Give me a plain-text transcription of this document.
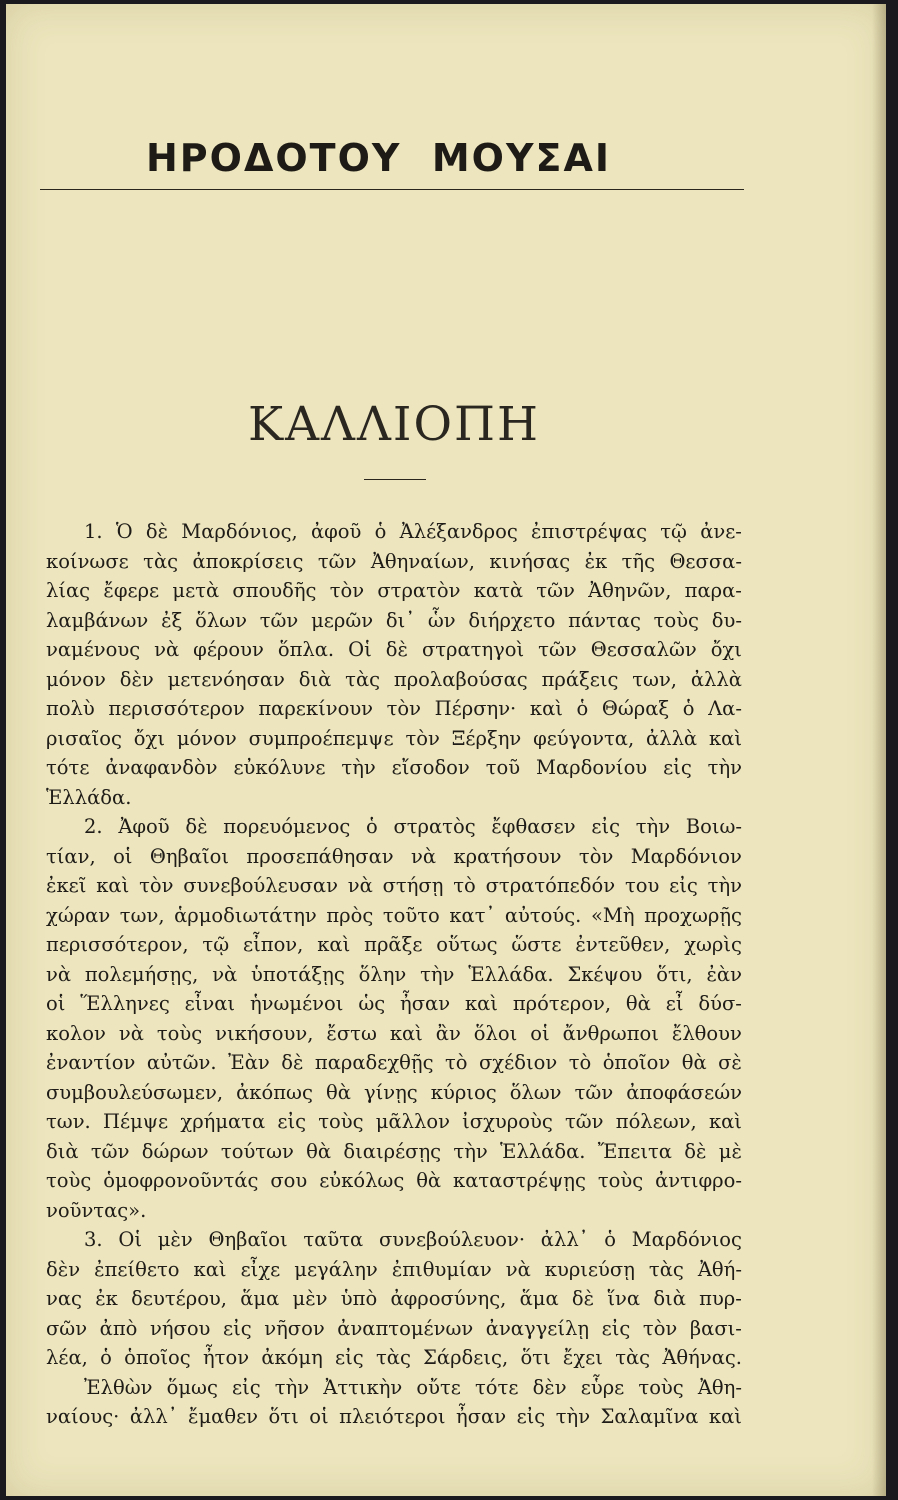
ΗΡΟΔΟΤΟΥ  ΜΟΥΣΑΙ
ΚΑΛΛΙΟΠΗ
1. Ὁ δὲ Μαρδόνιος, ἀφοῦ ὁ Ἀλέξανδρος ἐπιστρέψας τῷ ἀνε-
κοίνωσε τὰς ἀποκρίσεις τῶν Ἀθηναίων, κινήσας ἐκ τῆς Θεσσα-
λίας ἔφερε μετὰ σπουδῆς τὸν στρατὸν κατὰ τῶν Ἀθηνῶν, παρα-
λαμβάνων ἐξ ὅλων τῶν μερῶν δι᾿ ὧν διήρχετο πάντας τοὺς δυ-
ναμένους νὰ φέρουν ὅπλα. Οἱ δὲ στρατηγοὶ τῶν Θεσσαλῶν ὄχι
μόνον δὲν μετενόησαν διὰ τὰς προλαβούσας πράξεις των, ἀλλὰ
πολὺ περισσότερον παρεκίνουν τὸν Πέρσην· καὶ ὁ Θώραξ ὁ Λα-
ρισαῖος ὄχι μόνον συμπροέπεμψε τὸν Ξέρξην φεύγοντα, ἀλλὰ καὶ
τότε ἀναφανδὸν εὐκόλυνε τὴν εἴσοδον τοῦ Μαρδονίου εἰς τὴν
Ἑλλάδα.
2. Ἀφοῦ δὲ πορευόμενος ὁ στρατὸς ἔφθασεν εἰς τὴν Βοιω-
τίαν, οἱ Θηβαῖοι προσεπάθησαν νὰ κρατήσουν τὸν Μαρδόνιον
ἐκεῖ καὶ τὸν συνεβούλευσαν νὰ στήσῃ τὸ στρατόπεδόν του εἰς τὴν
χώραν των, ἁρμοδιωτάτην πρὸς τοῦτο κατ᾿ αὐτούς. «Μὴ προχωρῇς
περισσότερον, τῷ εἶπον, καὶ πρᾶξε οὕτως ὥστε ἐντεῦθεν, χωρὶς
νὰ πολεμήσῃς, νὰ ὑποτάξῃς ὅλην τὴν Ἑλλάδα. Σκέψου ὅτι, ἐὰν
οἱ Ἕλληνες εἶναι ἡνωμένοι ὡς ἦσαν καὶ πρότερον, θὰ εἶ δύσ-
κολον νὰ τοὺς νικήσουν, ἔστω καὶ ἂν ὅλοι οἱ ἄνθρωποι ἔλθουν
ἐναντίον αὐτῶν. Ἐὰν δὲ παραδεχθῇς τὸ σχέδιον τὸ ὁποῖον θὰ σὲ
συμβουλεύσωμεν, ἀκόπως θὰ γίνῃς κύριος ὅλων τῶν ἀποφάσεών
των. Πέμψε χρήματα εἰς τοὺς μᾶλλον ἰσχυροὺς τῶν πόλεων, καὶ
διὰ τῶν δώρων τούτων θὰ διαιρέσῃς τὴν Ἑλλάδα. Ἔπειτα δὲ μὲ
τοὺς ὁμοφρονοῦντάς σου εὐκόλως θὰ καταστρέψῃς τοὺς ἀντιφρο-
νοῦντας».
3. Οἱ μὲν Θηβαῖοι ταῦτα συνεβούλευον· ἀλλ᾿ ὁ Μαρδόνιος
δὲν ἐπείθετο καὶ εἶχε μεγάλην ἐπιθυμίαν νὰ κυριεύσῃ τὰς Ἀθή-
νας ἐκ δευτέρου, ἅμα μὲν ὑπὸ ἀφροσύνης, ἅμα δὲ ἵνα διὰ πυρ-
σῶν ἀπὸ νήσου εἰς νῆσον ἀναπτομένων ἀναγγείλῃ εἰς τὸν βασι-
λέα, ὁ ὁποῖος ἦτον ἀκόμη εἰς τὰς Σάρδεις, ὅτι ἔχει τὰς Ἀθήνας.
Ἐλθὼν ὅμως εἰς τὴν Ἀττικὴν οὔτε τότε δὲν εὗρε τοὺς Ἀθη-
ναίους· ἀλλ᾿ ἔμαθεν ὅτι οἱ πλειότεροι ἦσαν εἰς τὴν Σαλαμῖνα καὶ
